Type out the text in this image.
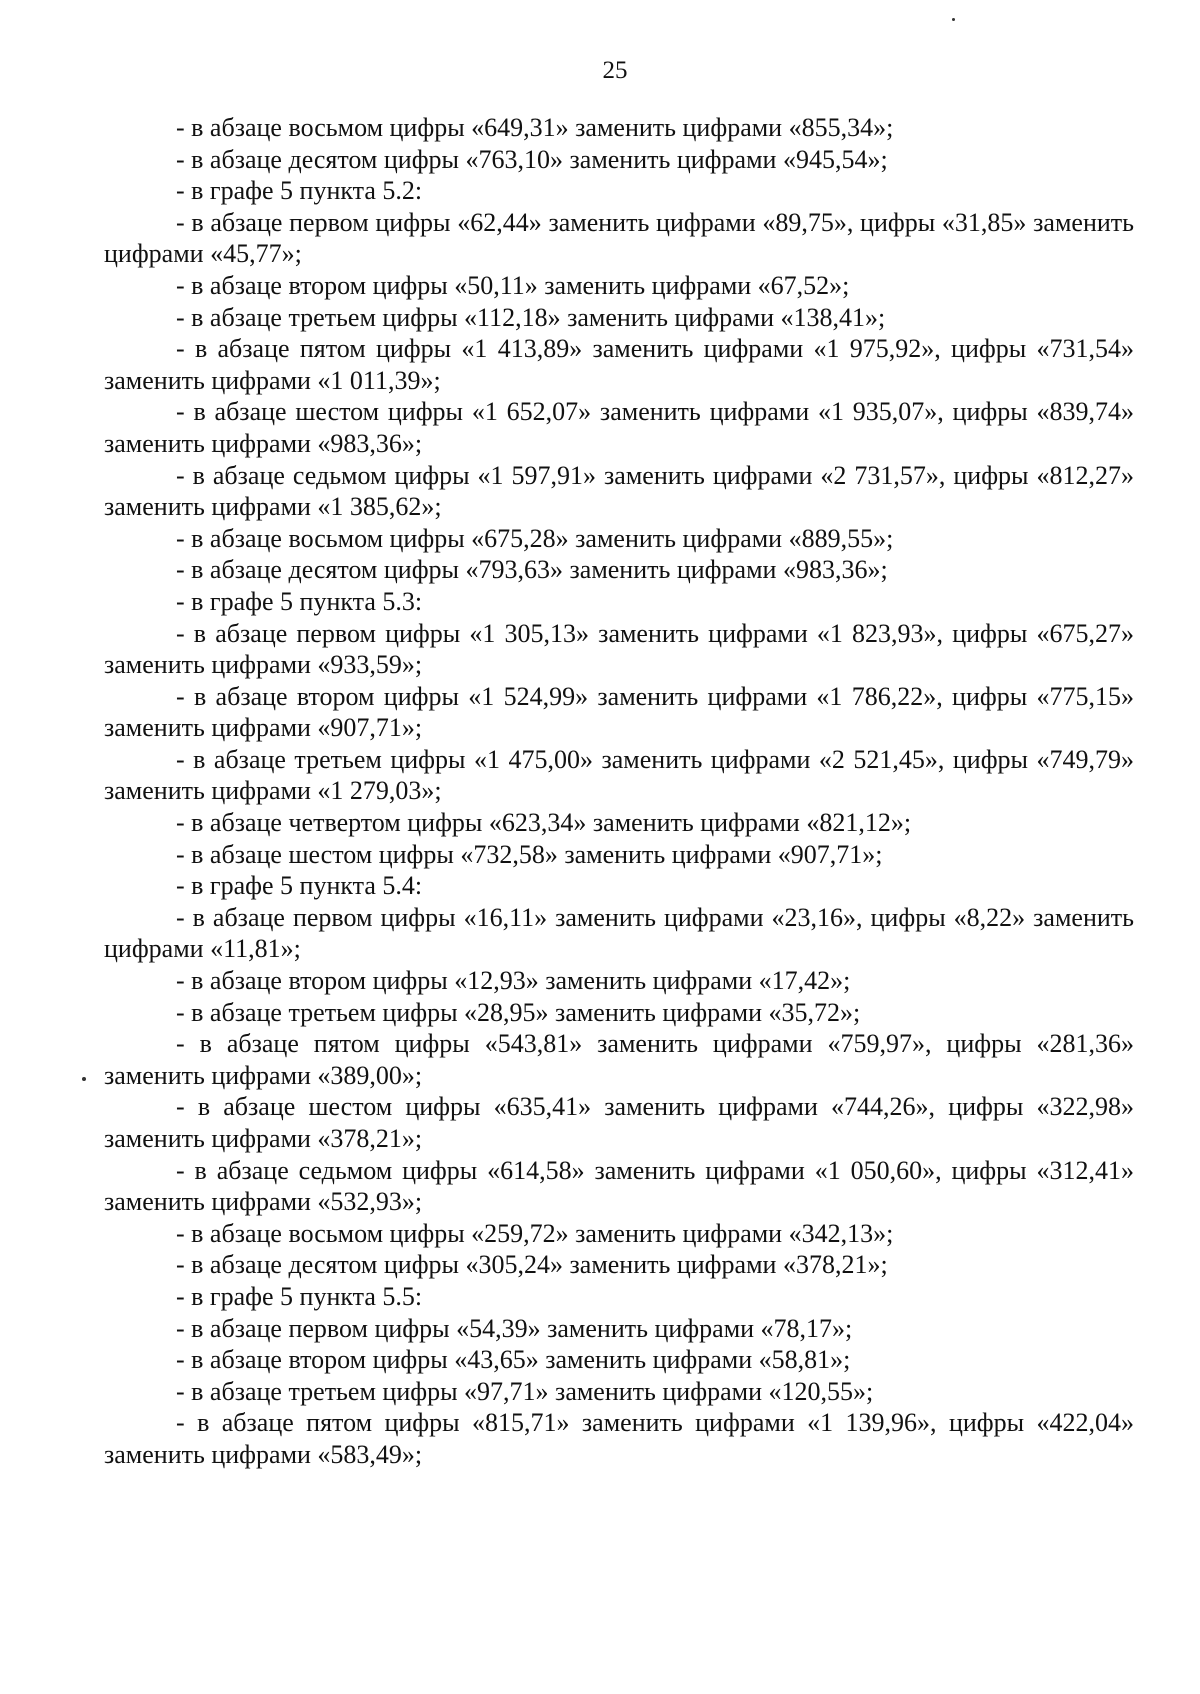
25

- в абзаце восьмом цифры «649,31» заменить цифрами «855,34»;

- в абзаце десятом цифры «763,10» заменить цифрами «945,54»;

- в графе 5 пункта 5.2:

- в абзаце первом цифры «62,44» заменить цифрами «89,75», цифры «31,85» заменить цифрами «45,77»;

- в абзаце втором цифры «50,11» заменить цифрами «67,52»;

- в абзаце третьем цифры «112,18» заменить цифрами «138,41»;

- в абзаце пятом цифры «1 413,89» заменить цифрами «1 975,92», цифры «731,54» заменить цифрами «1 011,39»;

- в абзаце шестом цифры «1 652,07» заменить цифрами «1 935,07», цифры «839,74» заменить цифрами «983,36»;

- в абзаце седьмом цифры «1 597,91» заменить цифрами «2 731,57», цифры «812,27» заменить цифрами «1 385,62»;

- в абзаце восьмом цифры «675,28» заменить цифрами «889,55»;

- в абзаце десятом цифры «793,63» заменить цифрами «983,36»;

- в графе 5 пункта 5.3:

- в абзаце первом цифры «1 305,13» заменить цифрами «1 823,93», цифры «675,27» заменить цифрами «933,59»;

- в абзаце втором цифры «1 524,99» заменить цифрами «1 786,22», цифры «775,15» заменить цифрами «907,71»;

- в абзаце третьем цифры «1 475,00» заменить цифрами «2 521,45», цифры «749,79» заменить цифрами «1 279,03»;

- в абзаце четвертом цифры «623,34» заменить цифрами «821,12»;

- в абзаце шестом цифры «732,58» заменить цифрами «907,71»;

- в графе 5 пункта 5.4:

- в абзаце первом цифры «16,11» заменить цифрами «23,16», цифры «8,22» заменить цифрами «11,81»;

- в абзаце втором цифры «12,93» заменить цифрами «17,42»;

- в абзаце третьем цифры «28,95» заменить цифрами «35,72»;

- в абзаце пятом цифры «543,81» заменить цифрами «759,97», цифры «281,36» заменить цифрами «389,00»;

- в абзаце шестом цифры «635,41» заменить цифрами «744,26», цифры «322,98» заменить цифрами «378,21»;

- в абзаце седьмом цифры «614,58» заменить цифрами «1 050,60», цифры «312,41» заменить цифрами «532,93»;

- в абзаце восьмом цифры «259,72» заменить цифрами «342,13»;

- в абзаце десятом цифры «305,24» заменить цифрами «378,21»;

- в графе 5 пункта 5.5:

- в абзаце первом цифры «54,39» заменить цифрами «78,17»;

- в абзаце втором цифры «43,65» заменить цифрами «58,81»;

- в абзаце третьем цифры «97,71» заменить цифрами «120,55»;

- в абзаце пятом цифры «815,71» заменить цифрами «1 139,96», цифры «422,04» заменить цифрами «583,49»;
